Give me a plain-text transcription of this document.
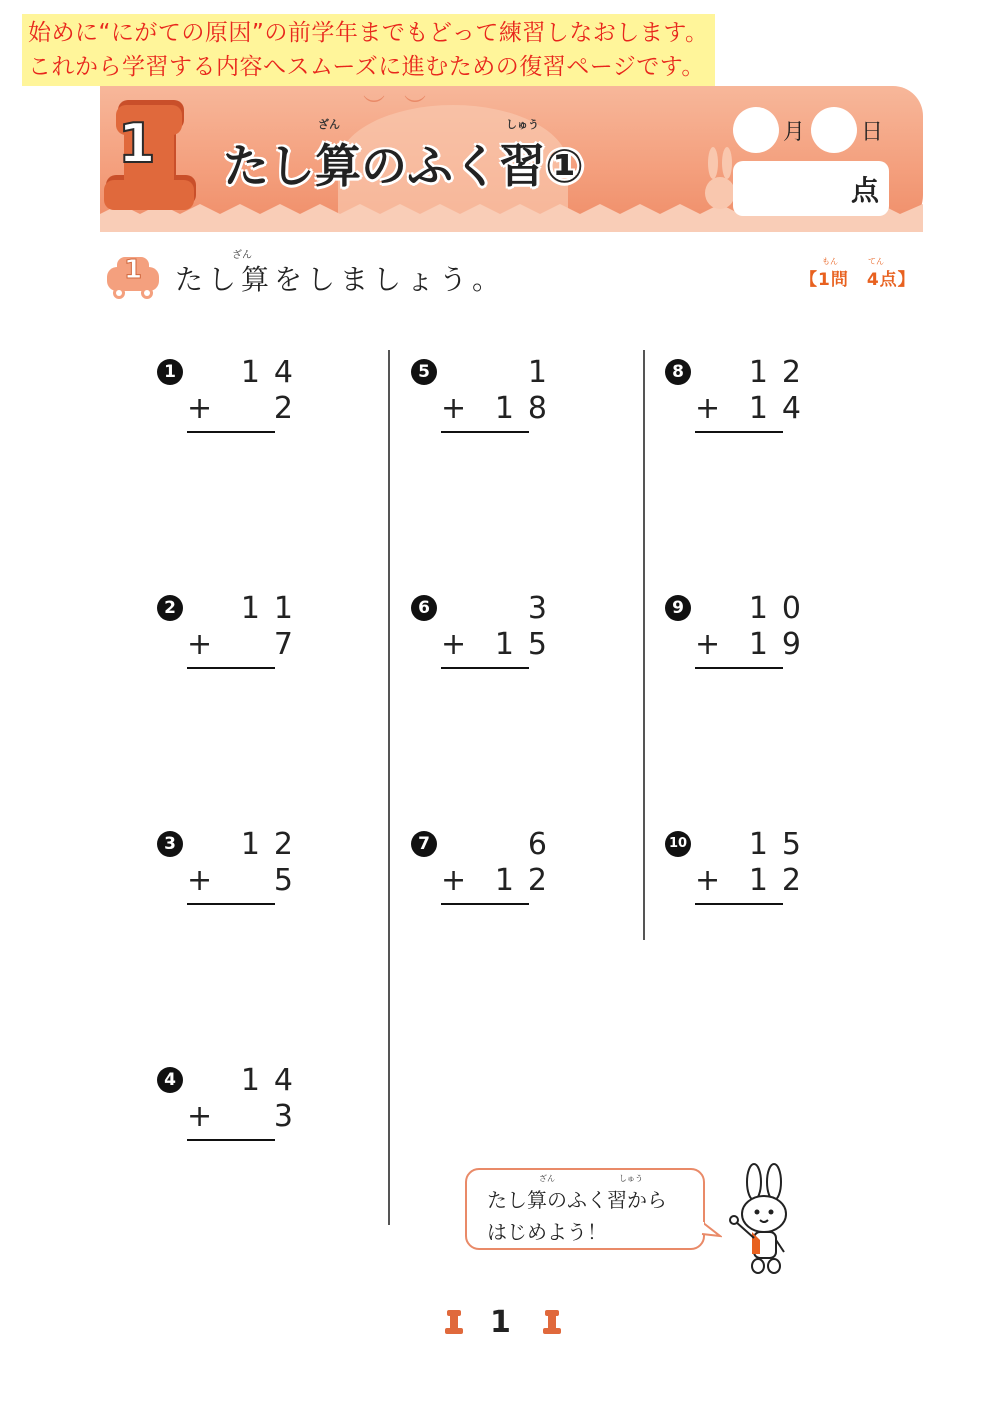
始めに“にがての原因”の前学年までもどって練習しなおします。
これから学習する内容へスムーズに進むための復習ページです。
︶ ︶
1 たし算のふく習①
ざん	しゅう	月	日
点
1	ざん
たし算をしましょう。
もん	てん
【1問　4点】
1	14
+	2
2	11
+	7
3	12
+	5
4	14
+	3
5	1
+ 18
6	3
+ 15
7	6
+ 12
8	12
+ 14
9	10
+ 19
10	15
+ 12
ざん	しゅう
たし算のふく習から
はじめよう！
1
